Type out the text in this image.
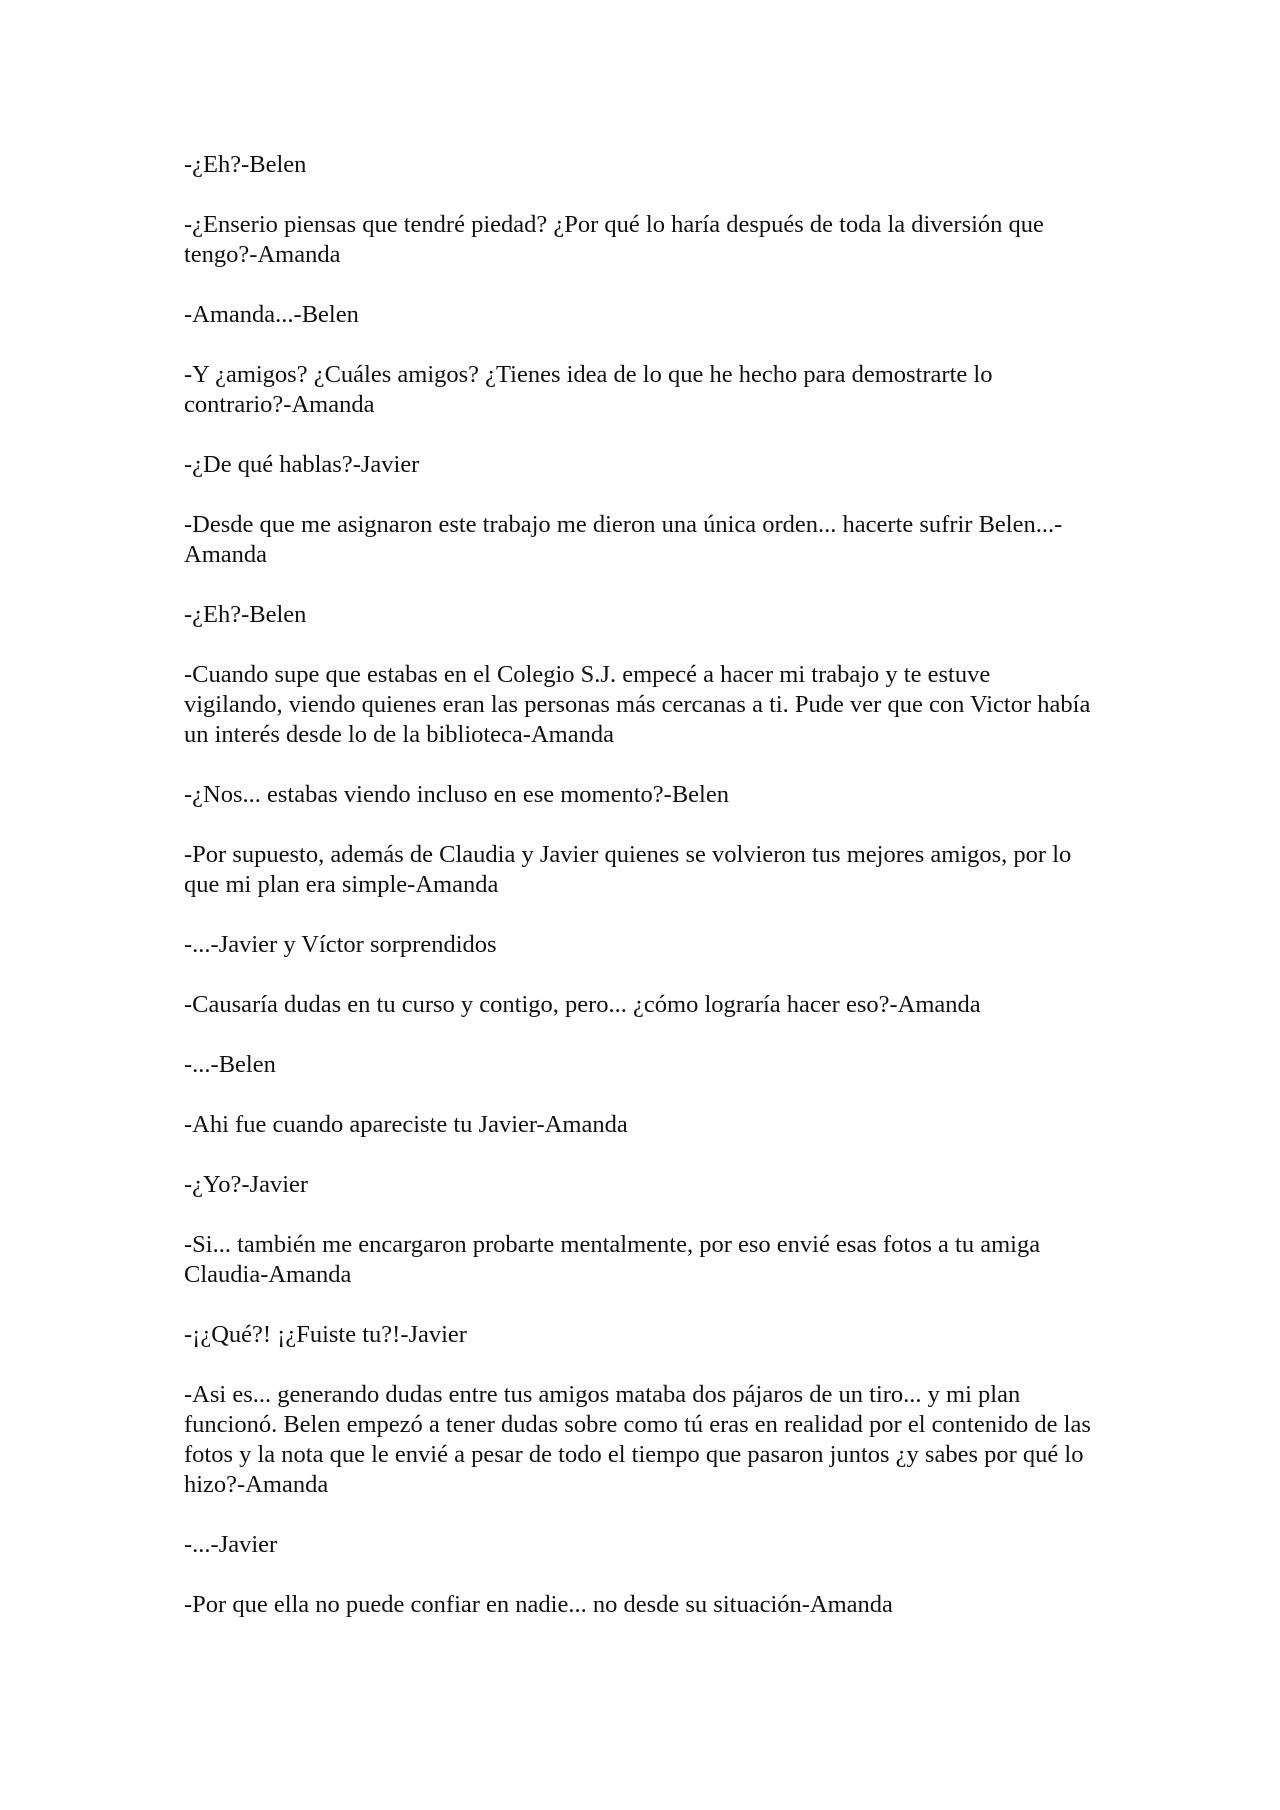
-¿Eh?-Belen

-¿Enserio piensas que tendré piedad? ¿Por qué lo haría después de toda la diversión que tengo?-Amanda

-Amanda...-Belen

-Y ¿amigos? ¿Cuáles amigos? ¿Tienes idea de lo que he hecho para demostrarte lo contrario?-Amanda

-¿De qué hablas?-Javier

-Desde que me asignaron este trabajo me dieron una única orden... hacerte sufrir Belen...-Amanda

-¿Eh?-Belen

-Cuando supe que estabas en el Colegio S.J. empecé a hacer mi trabajo y te estuve vigilando, viendo quienes eran las personas más cercanas a ti. Pude ver que con Victor había un interés desde lo de la biblioteca-Amanda

-¿Nos... estabas viendo incluso en ese momento?-Belen

-Por supuesto, además de Claudia y Javier quienes se volvieron tus mejores amigos, por lo que mi plan era simple-Amanda

-...-Javier y Víctor sorprendidos

-Causaría dudas en tu curso y contigo, pero... ¿cómo lograría hacer eso?-Amanda

-...-Belen

-Ahi fue cuando apareciste tu Javier-Amanda

-¿Yo?-Javier

-Si... también me encargaron probarte mentalmente, por eso envié esas fotos a tu amiga Claudia-Amanda

-¡¿Qué?! ¡¿Fuiste tu?!-Javier

-Asi es... generando dudas entre tus amigos mataba dos pájaros de un tiro... y mi plan funcionó. Belen empezó a tener dudas sobre como tú eras en realidad por el contenido de las fotos y la nota que le envié a pesar de todo el tiempo que pasaron juntos ¿y sabes por qué lo hizo?-Amanda

-...-Javier

-Por que ella no puede confiar en nadie... no desde su situación-Amanda
